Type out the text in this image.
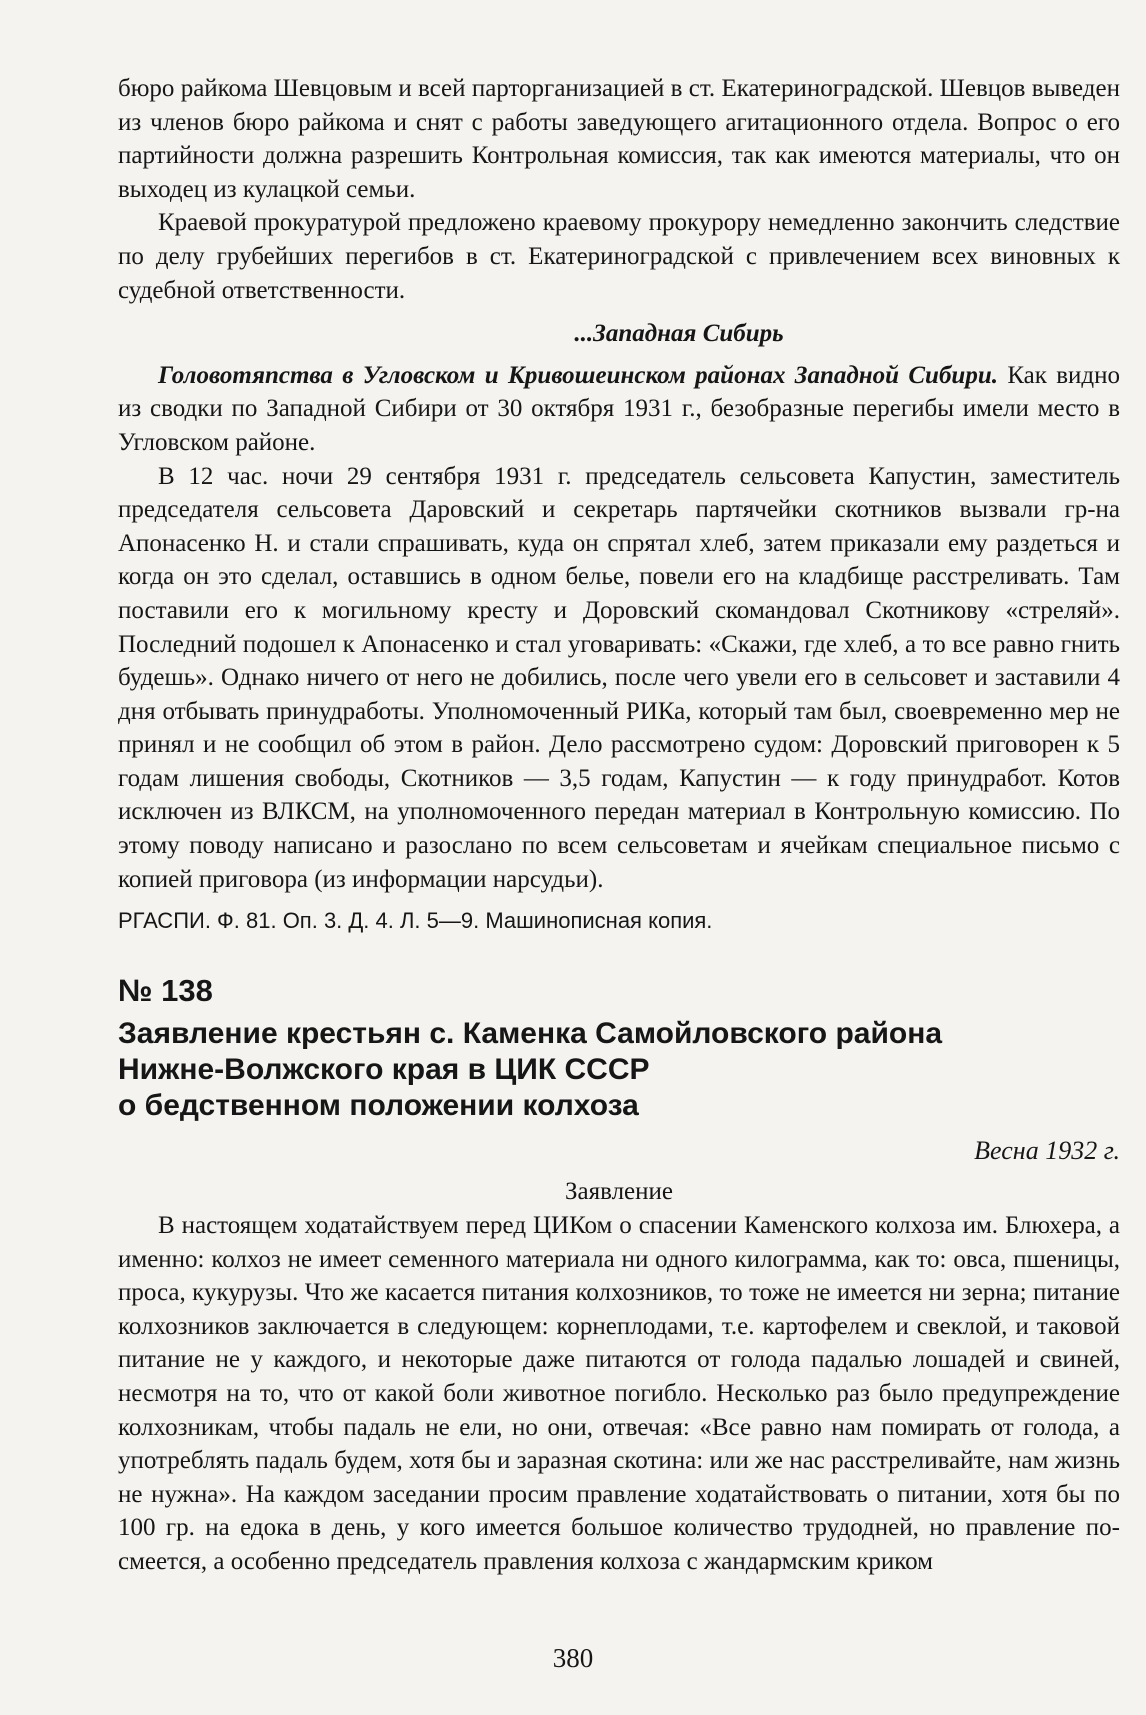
бюро райкома Шевцовым и всей парторганизацией в ст. Екатериноградской. Шевцов выведен из членов бюро райкома и снят с работы заведующего агитационного отдела. Вопрос о его партийности должна разрешить Контрольная комиссия, так как имеются материалы, что он выходец из кулацкой семьи.

Краевой прокуратурой предложено краевому прокурору немедленно закончить следствие по делу грубейших перегибов в ст. Екатериноградской с привлечением всех виновных к судебной ответственности.

...Западная Сибирь

Головотяпства в Угловском и Кривошеинском районах Западной Сибири. Как видно из сводки по Западной Сибири от 30 октября 1931 г., безобразные перегибы имели место в Угловском районе.

В 12 час. ночи 29 сентября 1931 г. председатель сельсовета Капустин, заместитель председателя сельсовета Даровский и секретарь партячейки скотников вызвали гр-на Апонасенко Н. и стали спрашивать, куда он спрятал хлеб, затем приказали ему раздеться и когда он это сделал, оставшись в одном белье, повели его на кладбище расстреливать. Там поставили его к могильному кресту и Доровский скомандовал Скотникову «стреляй». Последний подошел к Апонасенко и стал уговаривать: «Скажи, где хлеб, а то все равно гнить будешь». Однако ничего от него не добились, после чего увели его в сельсовет и заставили 4 дня отбывать принудработы. Уполномоченный РИКа, который там был, своевременно мер не принял и не сообщил об этом в район. Дело рассмотрено судом: Доровский приговорен к 5 годам лишения свободы, Скотников — 3,5 годам, Капустин — к году принудработ. Котов исключен из ВЛКСМ, на уполномоченного передан материал в Контрольную комиссию. По этому поводу написано и разослано по всем сельсоветам и ячейкам специальное письмо с копией приговора (из информации нарсудьи).

РГАСПИ. Ф. 81. Оп. 3. Д. 4. Л. 5—9. Машинописная копия.

№ 138

Заявление крестьян с. Каменка Самойловского района
Нижне-Волжского края в ЦИК СССР
о бедственном положении колхоза

Весна 1932 г.

Заявление

В настоящем ходатайствуем перед ЦИКом о спасении Каменского колхоза им. Блюхера, а именно: колхоз не имеет семенного материала ни одного килограмма, как то: овса, пшеницы, проса, кукурузы. Что же касается питания колхозников, то тоже не имеется ни зерна; питание колхозников заключается в следующем: корнеплодами, т.е. картофелем и свеклой, и таковой питание не у каждого, и некоторые даже питаются от голода падалью лошадей и свиней, несмотря на то, что от какой боли животное погибло. Несколько раз было предупреждение колхозникам, чтобы падаль не ели, но они, отвечая: «Все равно нам помирать от голода, а употреблять падаль будем, хотя бы и заразная скотина: или же нас расстреливайте, нам жизнь не нужна». На каждом заседании просим правление ходатайствовать о питании, хотя бы по 100 гр. на едока в день, у кого имеется большое количество трудодней, но правление посмеется, а особенно председатель правления колхоза с жандармским криком

380
